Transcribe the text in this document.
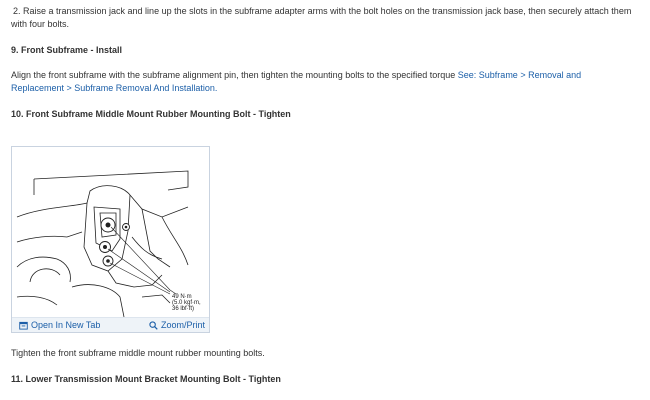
2. Raise a transmission jack and line up the slots in the subframe adapter arms with the bolt holes on the transmission jack base, then securely attach them with four bolts.

9. Front Subframe - Install

Align the front subframe with the subframe alignment pin, then tighten the mounting bolts to the specified torque See: Subframe > Removal and Replacement > Subframe Removal And Installation.

10. Front Subframe Middle Mount Rubber Mounting Bolt - Tighten

49 N·m
(5.0 kgf·m,
36 lbf·ft)
Open In New Tab	Zoom/Print

Tighten the front subframe middle mount rubber mounting bolts.

11. Lower Transmission Mount Bracket Mounting Bolt - Tighten
